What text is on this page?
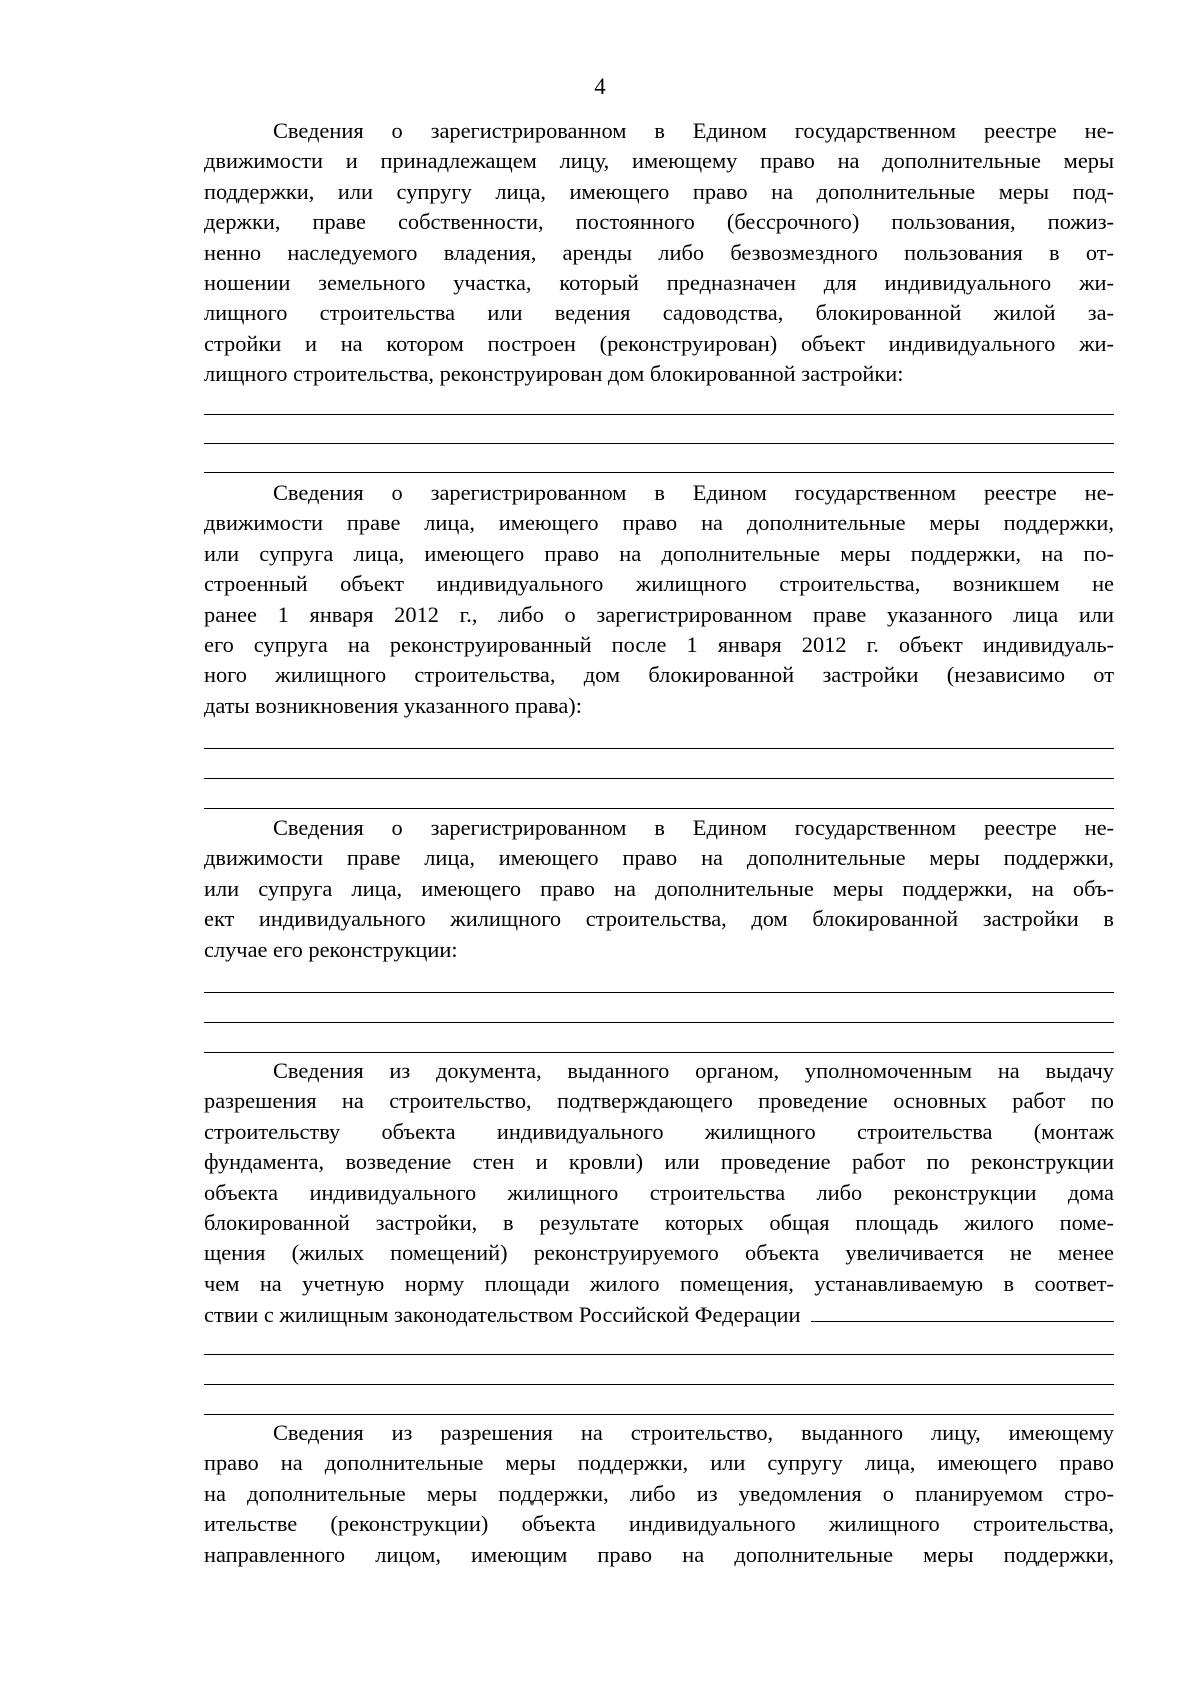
4
Сведения о зарегистрированном в Едином государственном реестре не-
движимости и принадлежащем лицу, имеющему право на дополнительные меры
поддержки, или супругу лица, имеющего право на дополнительные меры под-
держки, праве собственности, постоянного (бессрочного) пользования, пожиз-
ненно наследуемого владения, аренды либо безвозмездного пользования в от-
ношении земельного участка, который предназначен для индивидуального жи-
лищного строительства или ведения садоводства, блокированной жилой за-
стройки и на котором построен (реконструирован) объект индивидуального жи-
лищного строительства, реконструирован дом блокированной застройки:
Сведения о зарегистрированном в Едином государственном реестре не-
движимости праве лица, имеющего право на дополнительные меры поддержки,
или супруга лица, имеющего право на дополнительные меры поддержки, на по-
строенный объект индивидуального жилищного строительства, возникшем не
ранее 1 января 2012 г., либо о зарегистрированном праве указанного лица или
его супруга на реконструированный после 1 января 2012 г. объект индивидуаль-
ного жилищного строительства, дом блокированной застройки (независимо от
даты возникновения указанного права):
Сведения о зарегистрированном в Едином государственном реестре не-
движимости праве лица, имеющего право на дополнительные меры поддержки,
или супруга лица, имеющего право на дополнительные меры поддержки, на объ-
ект индивидуального жилищного строительства, дом блокированной застройки в
случае его реконструкции:
Сведения из документа, выданного органом, уполномоченным на выдачу
разрешения на строительство, подтверждающего проведение основных работ по
строительству объекта индивидуального жилищного строительства (монтаж
фундамента, возведение стен и кровли) или проведение работ по реконструкции
объекта индивидуального жилищного строительства либо реконструкции дома
блокированной застройки, в результате которых общая площадь жилого поме-
щения (жилых помещений) реконструируемого объекта увеличивается не менее
чем на учетную норму площади жилого помещения, устанавливаемую в соответ-
ствии с жилищным законодательством Российской Федерации
Сведения из разрешения на строительство, выданного лицу, имеющему
право на дополнительные меры поддержки, или супругу лица, имеющего право
на дополнительные меры поддержки, либо из уведомления о планируемом стро-
ительстве (реконструкции) объекта индивидуального жилищного строительства,
направленного лицом, имеющим право на дополнительные меры поддержки,
